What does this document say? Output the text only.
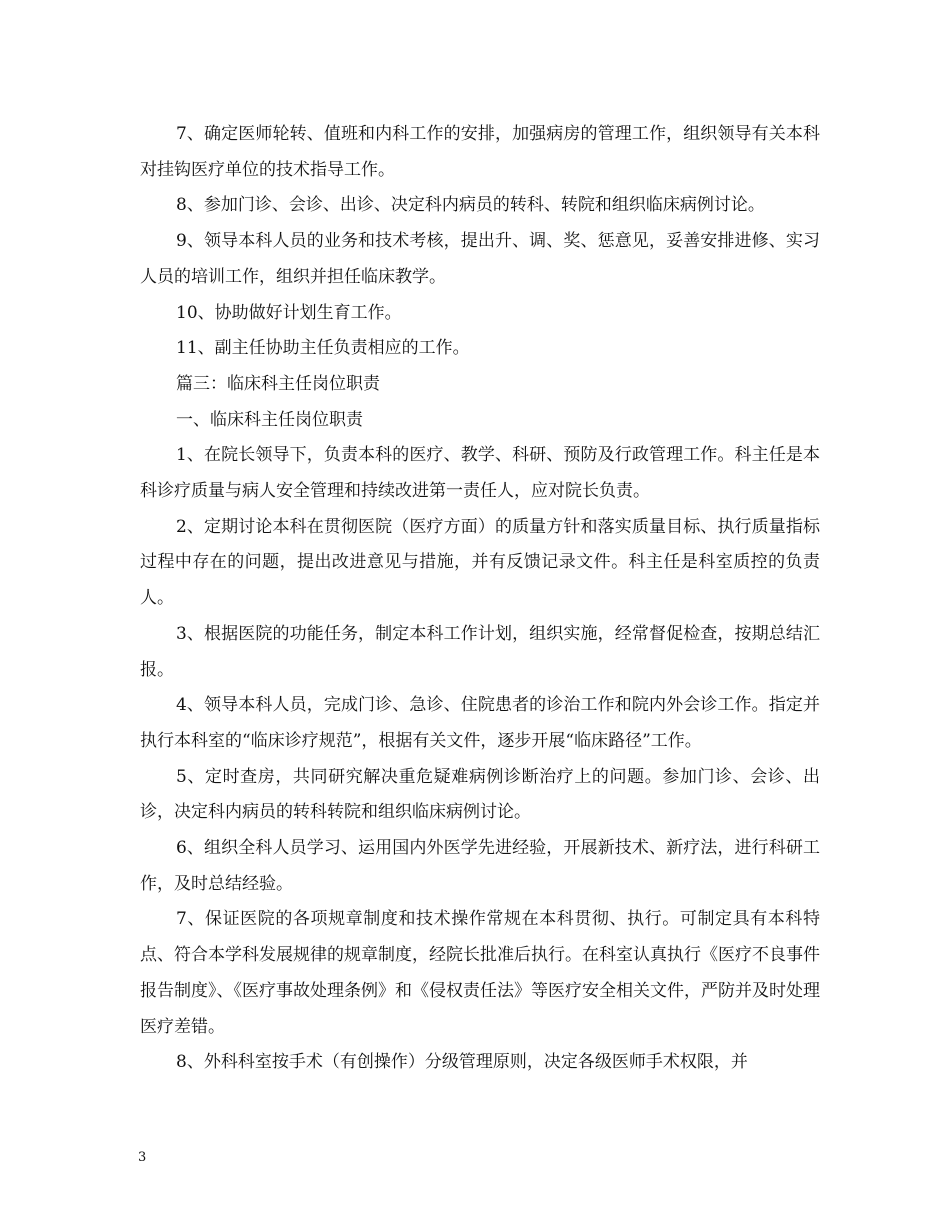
7、确定医师轮转、值班和内科工作的安排，加强病房的管理工作，组织领导有关本科对挂钩医疗单位的技术指导工作。

8、参加门诊、会诊、出诊、决定科内病员的转科、转院和组织临床病例讨论。

9、领导本科人员的业务和技术考核，提出升、调、奖、惩意见，妥善安排进修、实习人员的培训工作，组织并担任临床教学。

10、协助做好计划生育工作。

11、副主任协助主任负责相应的工作。

篇三：临床科主任岗位职责

一、临床科主任岗位职责

1、在院长领导下，负责本科的医疗、教学、科研、预防及行政管理工作。科主任是本科诊疗质量与病人安全管理和持续改进第一责任人，应对院长负责。

2、定期讨论本科在贯彻医院（医疗方面）的质量方针和落实质量目标、执行质量指标过程中存在的问题，提出改进意见与措施，并有反馈记录文件。科主任是科室质控的负责人。

3、根据医院的功能任务，制定本科工作计划，组织实施，经常督促检查，按期总结汇报。

4、领导本科人员，完成门诊、急诊、住院患者的诊治工作和院内外会诊工作。指定并执行本科室的“临床诊疗规范”，根据有关文件，逐步开展“临床路径”工作。

5、定时查房，共同研究解决重危疑难病例诊断治疗上的问题。参加门诊、会诊、出诊，决定科内病员的转科转院和组织临床病例讨论。

6、组织全科人员学习、运用国内外医学先进经验，开展新技术、新疗法，进行科研工作，及时总结经验。

7、保证医院的各项规章制度和技术操作常规在本科贯彻、执行。可制定具有本科特点、符合本学科发展规律的规章制度，经院长批准后执行。在科室认真执行《医疗不良事件报告制度》、《医疗事故处理条例》和《侵权责任法》等医疗安全相关文件，严防并及时处理医疗差错。

8、外科科室按手术（有创操作）分级管理原则，决定各级医师手术权限，并

3
